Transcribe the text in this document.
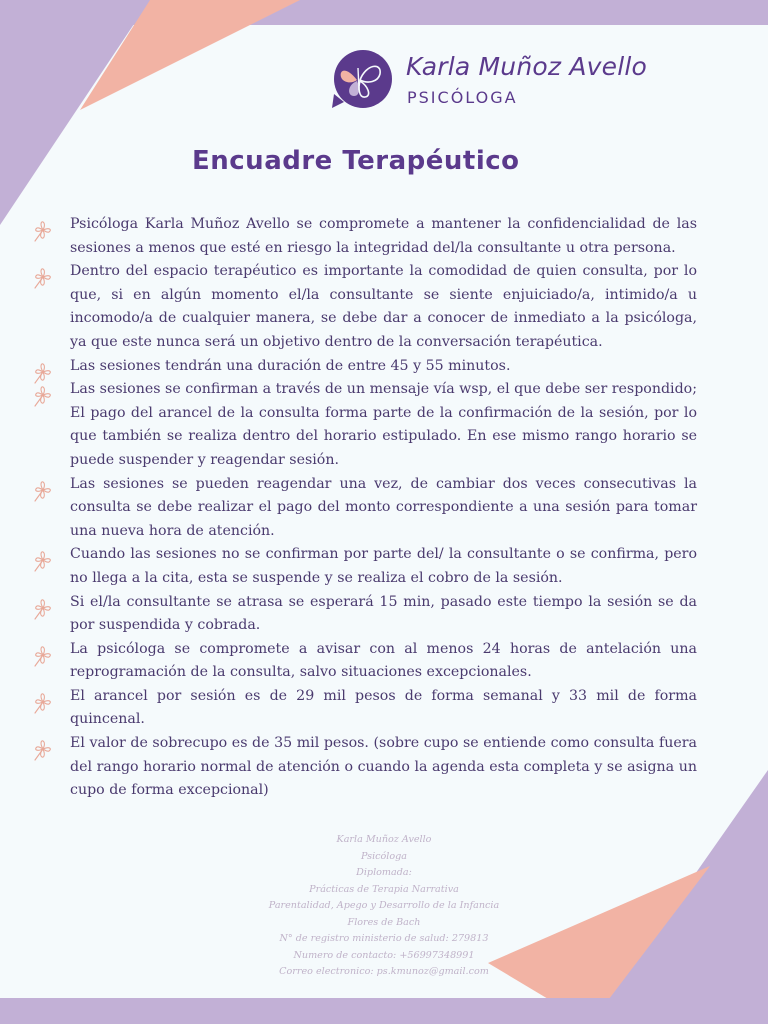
Karla Muñoz Avello
PSICÓLOGA
Encuadre Terapéutico
Psicóloga Karla Muñoz Avello se compromete a mantener la confidencialidad de las sesiones a menos que esté en riesgo la integridad del/la consultante u otra persona.
Dentro del espacio terapéutico es importante la comodidad de quien consulta, por lo que, si en algún momento el/la consultante se siente enjuiciado/a, intimido/a u incomodo/a de cualquier manera, se debe dar a conocer de inmediato a la psicóloga, ya que este nunca será un objetivo dentro de la conversación terapéutica.
Las sesiones tendrán una duración de entre 45 y 55 minutos.
Las sesiones se confirman a través de un mensaje vía wsp, el que debe ser respondido; El pago del arancel de la consulta forma parte de la confirmación de la sesión, por lo que también se realiza dentro del horario estipulado. En ese mismo rango horario se puede suspender y reagendar sesión.
Las sesiones se pueden reagendar una vez, de cambiar dos veces consecutivas la consulta se debe realizar el pago del monto correspondiente a una sesión para tomar una nueva hora de atención.
Cuando las sesiones no se confirman por parte del/ la consultante o se confirma, pero no llega a la cita, esta se suspende y se realiza el cobro de la sesión.
Si el/la consultante se atrasa se esperará 15 min, pasado este tiempo la sesión se da por suspendida y cobrada.
La psicóloga se compromete a avisar con al menos 24 horas de antelación una reprogramación de la consulta, salvo situaciones excepcionales.
El arancel por sesión es de 29 mil pesos de forma semanal y 33 mil de forma quincenal.
El valor de sobrecupo es de 35 mil pesos. (sobre cupo se entiende como consulta fuera del rango horario normal de atención o cuando la agenda esta completa y se asigna un cupo de forma excepcional)
Karla Muñoz Avello
Psicóloga
Diplomada:
Prácticas de Terapia Narrativa
Parentalidad, Apego y Desarrollo de la Infancia
Flores de Bach
N° de registro ministerio de salud: 279813
Numero de contacto: +56997348991
Correo electronico: ps.kmunoz@gmail.com
